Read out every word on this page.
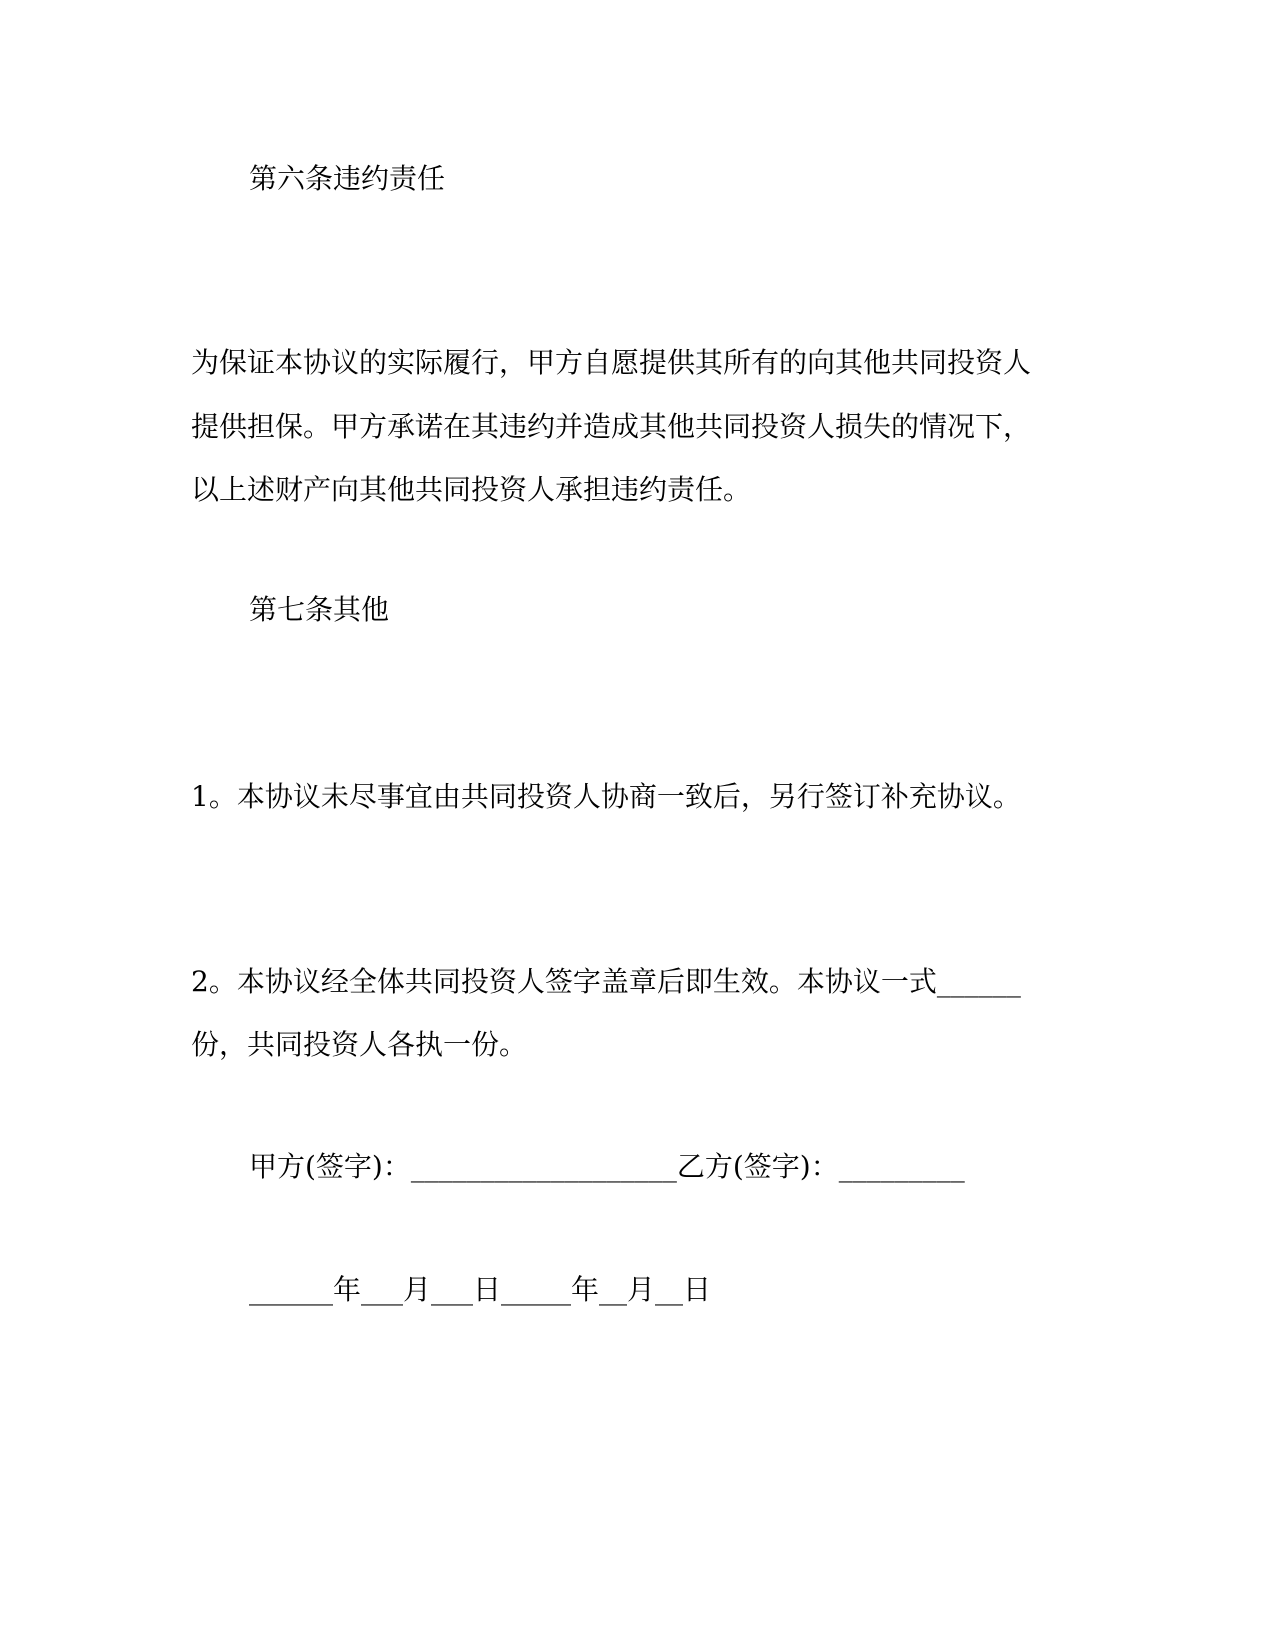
第六条违约责任
为保证本协议的实际履行，甲方自愿提供其所有的向其他共同投资人
提供担保。甲方承诺在其违约并造成其他共同投资人损失的情况下，
以上述财产向其他共同投资人承担违约责任。
第七条其他
1。本协议未尽事宜由共同投资人协商一致后，另行签订补充协议。
2。本协议经全体共同投资人签字盖章后即生效。本协议一式______
份，共同投资人各执一份。
甲方(签字)：___________________乙方(签字)：_________
______年___月___日_____年__月__日
